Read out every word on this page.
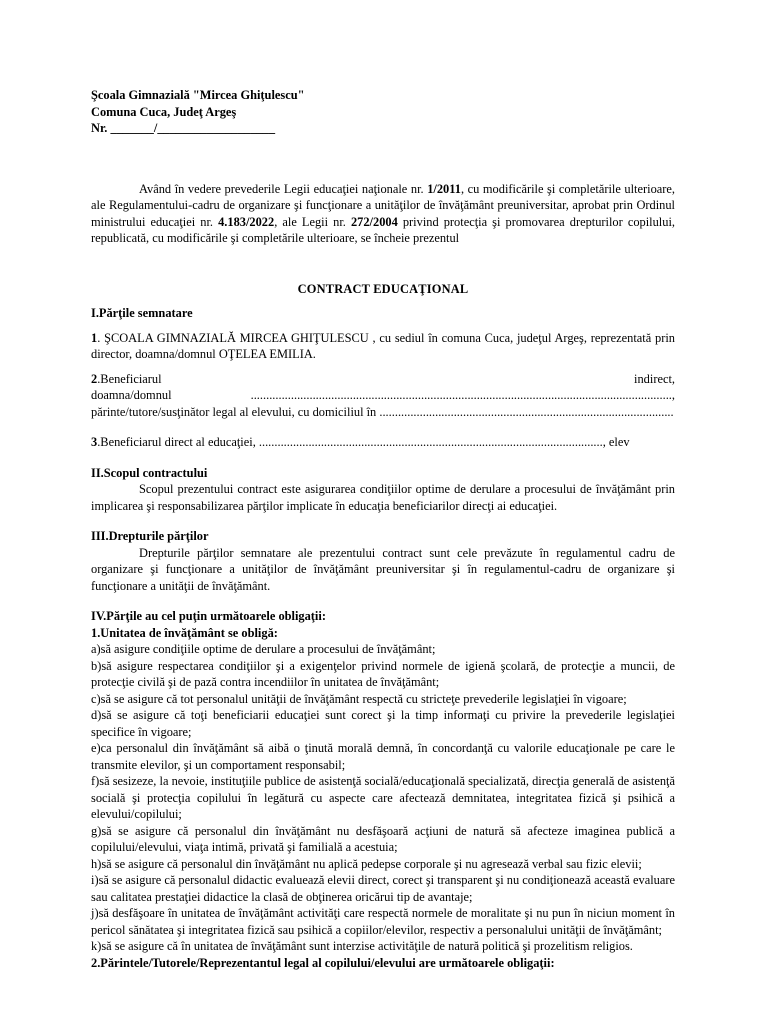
Şcoala Gimnazială "Mircea Ghiţulescu"
Comuna Cuca, Judeţ Argeş
Nr. _______/___________________

Având în vedere prevederile Legii educaţiei naţionale nr. 1/2011, cu modificările şi completările ulterioare, ale Regulamentului-cadru de organizare şi funcţionare a unităţilor de învăţământ preuniversitar, aprobat prin Ordinul ministrului educaţiei nr. 4.183/2022, ale Legii nr. 272/2004 privind protecţia şi promovarea drepturilor copilului, republicată, cu modificările şi completările ulterioare, se încheie prezentul

CONTRACT EDUCAŢIONAL
I.Părţile semnatare

1. ŞCOALA GIMNAZIALĂ MIRCEA GHIŢULESCU , cu sediul în comuna Cuca, judeţul Argeş, reprezentată prin director, doamna/domnul OŢELEA EMILIA.

2.Beneficiarul	indirect,
doamna/domnul	........................................................................................................................................,
părinte/tutore/susţinător legal al elevului, cu domiciliul în ...............................................................................................
3.Beneficiarul direct al educaţiei, ..............................................................................................................., elev
II.Scopul contractului

Scopul prezentului contract este asigurarea condiţiilor optime de derulare a procesului de învăţământ prin implicarea şi responsabilizarea părţilor implicate în educaţia beneficiarilor direcţi ai educaţiei.

III.Drepturile părţilor

Drepturile părţilor semnatare ale prezentului contract sunt cele prevăzute în regulamentul cadru de organizare şi funcţionare a unităţilor de învăţământ preuniversitar şi în regulamentul-cadru de organizare şi funcţionare a unităţii de învăţământ.

IV.Părţile au cel puţin următoarele obligaţii:
1.Unitatea de învăţământ se obligă:
a)să asigure condiţiile optime de derulare a procesului de învăţământ;
b)să asigure respectarea condiţiilor şi a exigenţelor privind normele de igienă şcolară, de protecţie a muncii, de protecţie civilă şi de pază contra incendiilor în unitatea de învăţământ;
c)să se asigure că tot personalul unităţii de învăţământ respectă cu stricteţe prevederile legislaţiei în vigoare;
d)să se asigure că toţi beneficiarii educaţiei sunt corect şi la timp informaţi cu privire la prevederile legislaţiei specifice în vigoare;
e)ca personalul din învăţământ să aibă o ţinută morală demnă, în concordanţă cu valorile educaţionale pe care le transmite elevilor, şi un comportament responsabil;
f)să sesizeze, la nevoie, instituţiile publice de asistenţă socială/educaţională specializată, direcţia generală de asistenţă socială şi protecţia copilului în legătură cu aspecte care afectează demnitatea, integritatea fizică şi psihică a elevului/copilului;
g)să se asigure că personalul din învăţământ nu desfăşoară acţiuni de natură să afecteze imaginea publică a copilului/elevului, viaţa intimă, privată şi familială a acestuia;
h)să se asigure că personalul din învăţământ nu aplică pedepse corporale şi nu agresează verbal sau fizic elevii;
i)să se asigure că personalul didactic evaluează elevii direct, corect şi transparent şi nu condiţionează această evaluare sau calitatea prestaţiei didactice la clasă de obţinerea oricărui tip de avantaje;
j)să desfăşoare în unitatea de învăţământ activităţi care respectă normele de moralitate şi nu pun în niciun moment în pericol sănătatea şi integritatea fizică sau psihică a copiilor/elevilor, respectiv a personalului unităţii de învăţământ;
k)să se asigure că în unitatea de învăţământ sunt interzise activităţile de natură politică şi prozelitism religios.
2.Părintele/Tutorele/Reprezentantul legal al copilului/elevului are următoarele obligaţii:
